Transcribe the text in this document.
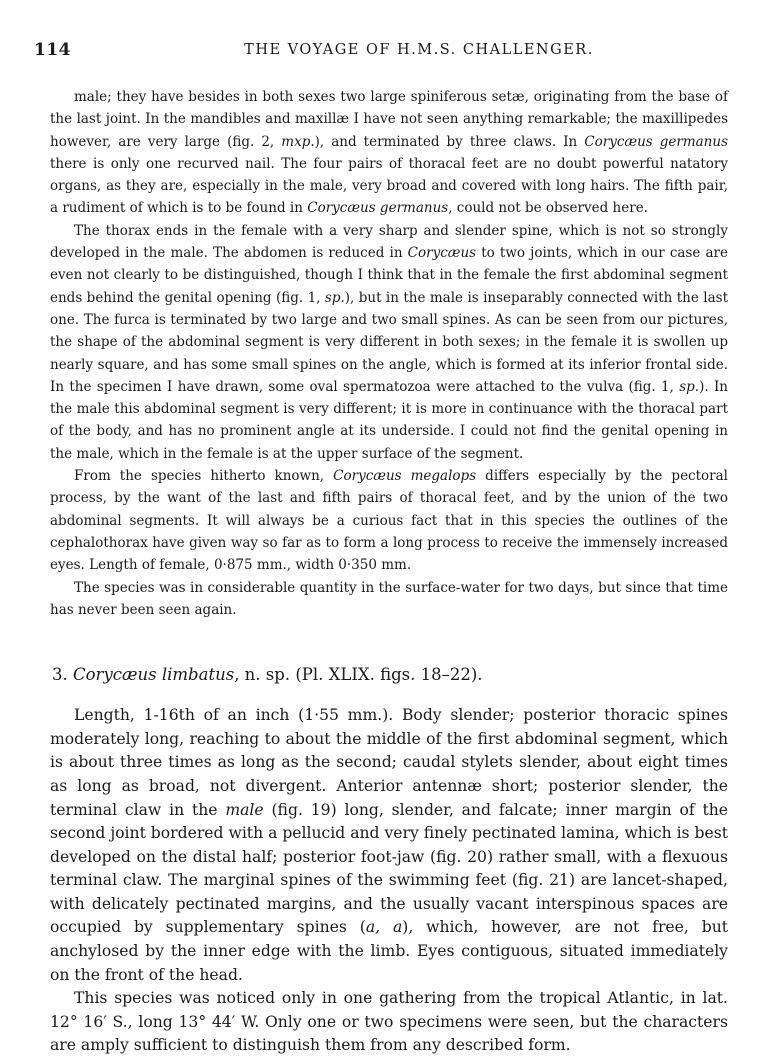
114	THE VOYAGE OF H.M.S. CHALLENGER.

male; they have besides in both sexes two large spiniferous setæ, originating from the base of the last joint. In the mandibles and maxillæ I have not seen anything remarkable; the maxillipedes however, are very large (fig. 2, mxp.), and terminated by three claws. In Corycæus germanus there is only one recurved nail. The four pairs of thoracal feet are no doubt powerful natatory organs, as they are, especially in the male, very broad and covered with long hairs. The fifth pair, a rudiment of which is to be found in Corycæus germanus, could not be observed here.

The thorax ends in the female with a very sharp and slender spine, which is not so strongly developed in the male. The abdomen is reduced in Corycæus to two joints, which in our case are even not clearly to be distinguished, though I think that in the female the first abdominal segment ends behind the genital opening (fig. 1, sp.), but in the male is inseparably connected with the last one. The furca is terminated by two large and two small spines. As can be seen from our pictures, the shape of the abdominal segment is very different in both sexes; in the female it is swollen up nearly square, and has some small spines on the angle, which is formed at its inferior frontal side. In the specimen I have drawn, some oval spermatozoa were attached to the vulva (fig. 1, sp.). In the male this abdominal segment is very different; it is more in continuance with the thoracal part of the body, and has no prominent angle at its underside. I could not find the genital opening in the male, which in the female is at the upper surface of the segment.

From the species hitherto known, Corycæus megalops differs especially by the pectoral process, by the want of the last and fifth pairs of thoracal feet, and by the union of the two abdominal segments. It will always be a curious fact that in this species the outlines of the cephalothorax have given way so far as to form a long process to receive the immensely increased eyes. Length of female, 0·875 mm., width 0·350 mm.

The species was in considerable quantity in the surface-water for two days, but since that time has never been seen again.

3. Corycæus limbatus, n. sp. (Pl. XLIX. figs. 18–22).

Length, 1-16th of an inch (1·55 mm.). Body slender; posterior thoracic spines moderately long, reaching to about the middle of the first abdominal segment, which is about three times as long as the second; caudal stylets slender, about eight times as long as broad, not divergent. Anterior antennæ short; posterior slender, the terminal claw in the male (fig. 19) long, slender, and falcate; inner margin of the second joint bordered with a pellucid and very finely pectinated lamina, which is best developed on the distal half; posterior foot-jaw (fig. 20) rather small, with a flexuous terminal claw. The marginal spines of the swimming feet (fig. 21) are lancet-shaped, with delicately pectinated margins, and the usually vacant interspinous spaces are occupied by supplementary spines (a, a), which, however, are not free, but anchylosed by the inner edge with the limb. Eyes contiguous, situated immediately on the front of the head.

This species was noticed only in one gathering from the tropical Atlantic, in lat. 12° 16′ S., long 13° 44′ W. Only one or two specimens were seen, but the characters are amply sufficient to distinguish them from any described form.
